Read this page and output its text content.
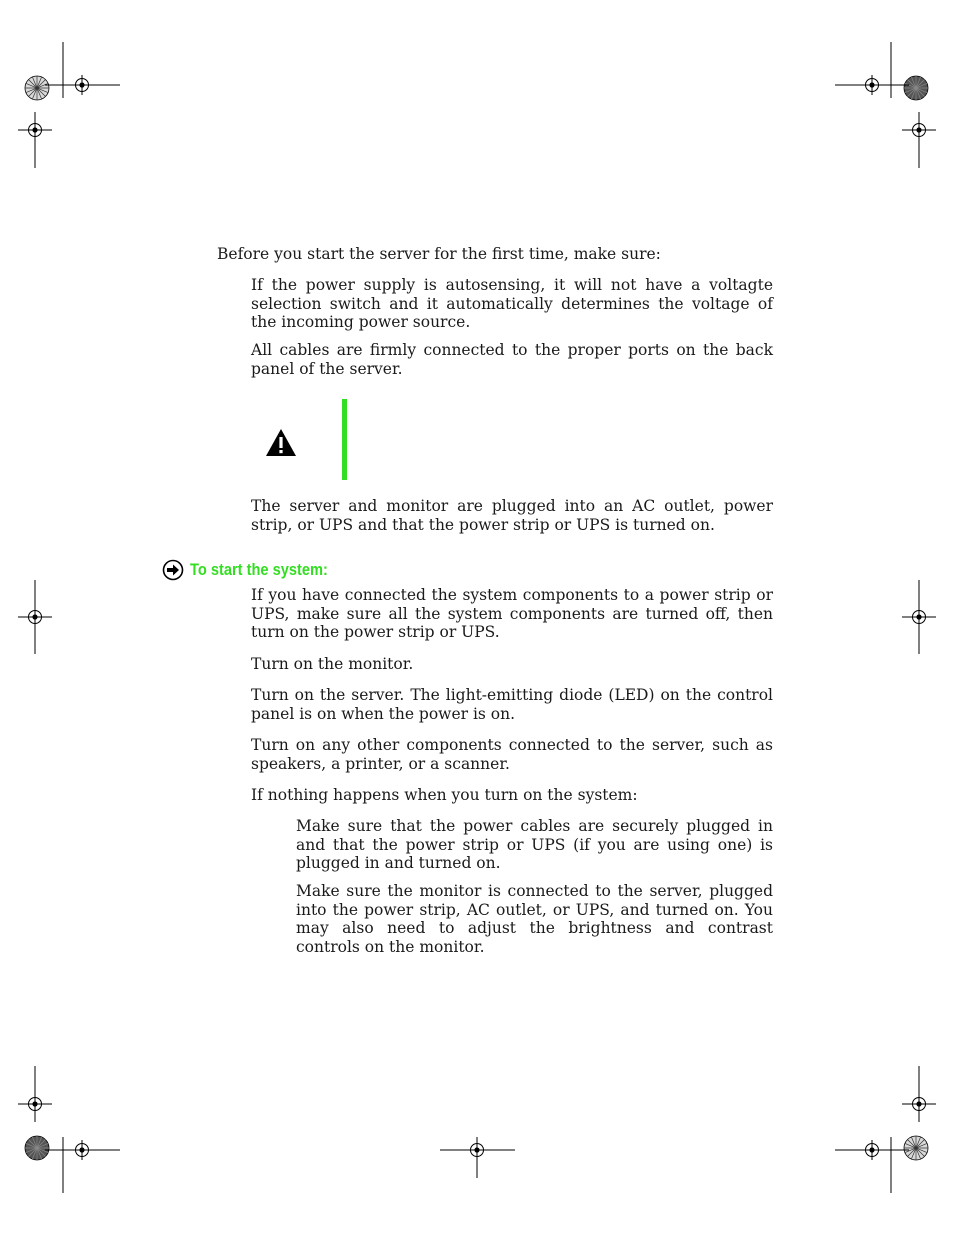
Before you start the server for the first time, make sure:

If the power supply is autosensing, it will not have a voltagte selection switch and it automatically determines the voltage of the incoming power source.

All cables are firmly connected to the proper ports on the back panel of the server.

The server and monitor are plugged into an AC outlet, power strip, or UPS and that the power strip or UPS is turned on.

To start the system:

If you have connected the system components to a power strip or UPS, make sure all the system components are turned off, then turn on the power strip or UPS.

Turn on the monitor.

Turn on the server. The light-emitting diode (LED) on the control panel is on when the power is on.

Turn on any other components connected to the server, such as speakers, a printer, or a scanner.

If nothing happens when you turn on the system:

Make sure that the power cables are securely plugged in and that the power strip or UPS (if you are using one) is plugged in and turned on.

Make sure the monitor is connected to the server, plugged into the power strip, AC outlet, or UPS, and turned on. You may also need to adjust the brightness and contrast controls on the monitor.
